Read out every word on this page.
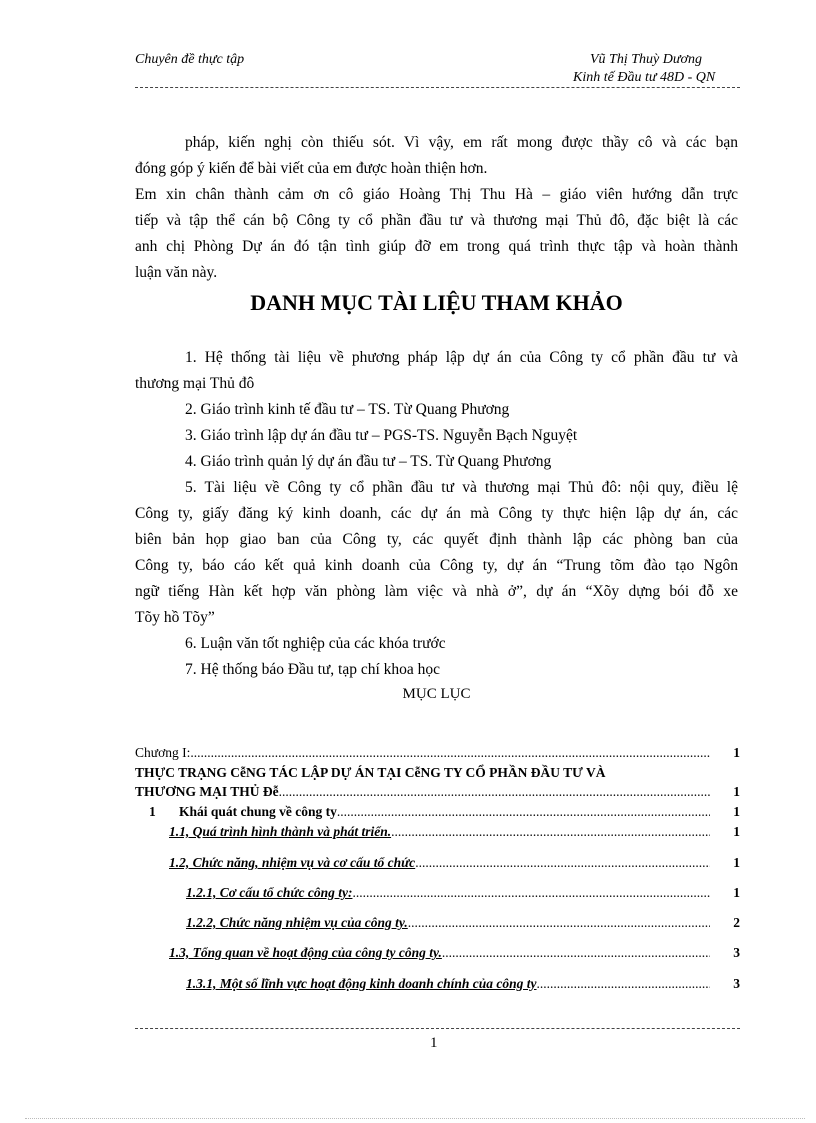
Chuyên đề thực tập	Vũ Thị Thuỳ Dương
Kinh tế Đầu tư 48D - QN
pháp, kiến nghị còn thiếu sót. Vì vậy, em rất mong được thầy cô và các bạn
đóng góp ý kiến để bài viết của em được hoàn thiện hơn.
Em xin chân thành cảm ơn cô giáo Hoàng Thị Thu Hà – giáo viên hướng dẫn trực
tiếp và tập thể cán bộ Công ty cổ phần đầu tư và thương mại Thủ đô, đặc biệt là các
anh chị Phòng Dự án đó tận tình giúp đỡ em trong quá trình thực tập và hoàn thành
luận văn này.
DANH MỤC TÀI LIỆU THAM KHẢO
1. Hệ thống tài liệu về phương pháp lập dự án của Công ty cổ phần đầu tư và
thương mại Thủ đô
2. Giáo trình kinh tế đầu tư – TS. Từ Quang Phương
3. Giáo trình lập dự án đầu tư – PGS-TS. Nguyễn Bạch Nguyệt
4. Giáo trình quản lý dự án đầu tư – TS. Từ Quang Phương
5. Tài liệu về Công ty cổ phần đầu tư và thương mại Thủ đô: nội quy, điều lệ
Công ty, giấy đăng ký kinh doanh, các dự án mà Công ty thực hiện lập dự án, các
biên bản họp giao ban của Công ty, các quyết định thành lập các phòng ban của
Công ty, báo cáo kết quả kinh doanh của Công ty, dự án “Trung tõm đào tạo Ngôn
ngữ tiếng Hàn kết hợp văn phòng làm việc và nhà ở”, dự án “Xõy dựng bói đỗ xe
Tõy hồ Tõy”
6. Luận văn tốt nghiệp của các khóa trước
7. Hệ thống báo Đầu tư, tạp chí khoa học
MỤC LỤC
Chương I: .....	1
THỰC TRẠNG CễNG TÁC LẬP DỰ ÁN TẠI CễNG TY CỔ PHẦN ĐẦU TƯ VÀ
THƯƠNG MẠI THỦ Đễ .....	1
1	Khái quát chung về công ty .....	1
1.1, Quá trình hình thành và phát triển. .....	1
1.2, Chức năng, nhiệm vụ và cơ cấu tổ chức .....	1
1.2.1, Cơ cấu tổ chức công ty: .....	1
1.2.2, Chức năng nhiệm vụ của công ty. .....	2
1.3, Tổng quan về hoạt động của công ty công ty. .....	3
1.3.1, Một số lĩnh vực hoạt động kinh doanh chính của công ty .....	3
1
